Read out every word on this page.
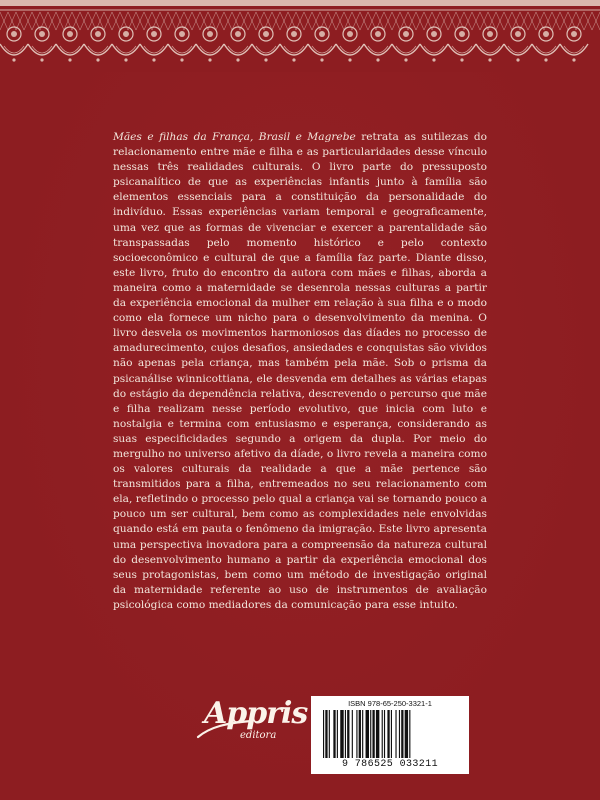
Mães e filhas da França, Brasil e Magrebe retrata as sutilezas do relacionamento entre mãe e filha e as particularidades desse vínculo nessas três realidades culturais. O livro parte do pressuposto psicanalítico de que as experiências infantis junto à família são elementos essenciais para a constituição da personalidade do indivíduo. Essas experiências variam temporal e geograficamente, uma vez que as formas de vivenciar e exercer a parentalidade são transpassadas pelo momento histórico e pelo contexto socioeconômico e cultural de que a família faz parte. Diante disso, este livro, fruto do encontro da autora com mães e filhas, aborda a maneira como a maternidade se desenrola nessas culturas a partir da experiência emocional da mulher em relação à sua filha e o modo como ela fornece um nicho para o desenvolvimento da menina. O livro desvela os movimentos harmoniosos das díades no processo de amadurecimento, cujos desafios, ansiedades e conquistas são vividos não apenas pela criança, mas também pela mãe. Sob o prisma da psicanálise winnicottiana, ele desvenda em detalhes as várias etapas do estágio da dependência relativa, descrevendo o percurso que mãe e filha realizam nesse período evolutivo, que inicia com luto e nostalgia e termina com entusiasmo e esperança, considerando as suas especificidades segundo a origem da dupla. Por meio do mergulho no universo afetivo da díade, o livro revela a maneira como os valores culturais da realidade a que a mãe pertence são transmitidos para a filha, entremeados no seu relacionamento com ela, refletindo o processo pelo qual a criança vai se tornando pouco a pouco um ser cultural, bem como as complexidades nele envolvidas quando está em pauta o fenômeno da imigração. Este livro apresenta uma perspectiva inovadora para a compreensão da natureza cultural do desenvolvimento humano a partir da experiência emocional dos seus protagonistas, bem como um método de investigação original da maternidade referente ao uso de instrumentos de avaliação psicológica como mediadores da comunicação para esse intuito.
Appris
editora
ISBN 978-65-250-3321-1
9 786525 033211
